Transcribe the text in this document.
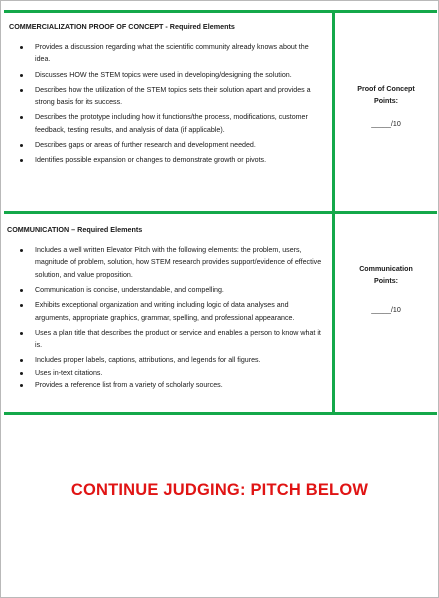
COMMERCIALIZATION PROOF OF CONCEPT - Required Elements
Provides a discussion regarding what the scientific community already knows about the idea.
Discusses HOW the STEM topics were used in developing/designing the solution.
Describes how the utilization of the STEM topics sets their solution apart and provides a strong basis for its success.
Describes the prototype including how it functions/the process, modifications, customer feedback, testing results, and analysis of data (if applicable).
Describes gaps or areas of further research and development needed.
Identifies possible expansion or changes to demonstrate growth or pivots.
Proof of Concept Points:
_____/10
COMMUNICATION – Required Elements
Includes a well written Elevator Pitch with the following elements: the problem, users, magnitude of problem, solution, how STEM research provides support/evidence of effective solution, and value proposition.
Communication is concise, understandable, and compelling.
Exhibits exceptional organization and writing including logic of data analyses and arguments, appropriate graphics, grammar, spelling, and professional appearance.
Uses a plan title that describes the product or service and enables a person to know what it is.
Includes proper labels, captions, attributions, and legends for all figures.
Uses in-text citations.
Provides a reference list from a variety of scholarly sources.
Communication Points:
_____/10
CONTINUE JUDGING: PITCH BELOW
